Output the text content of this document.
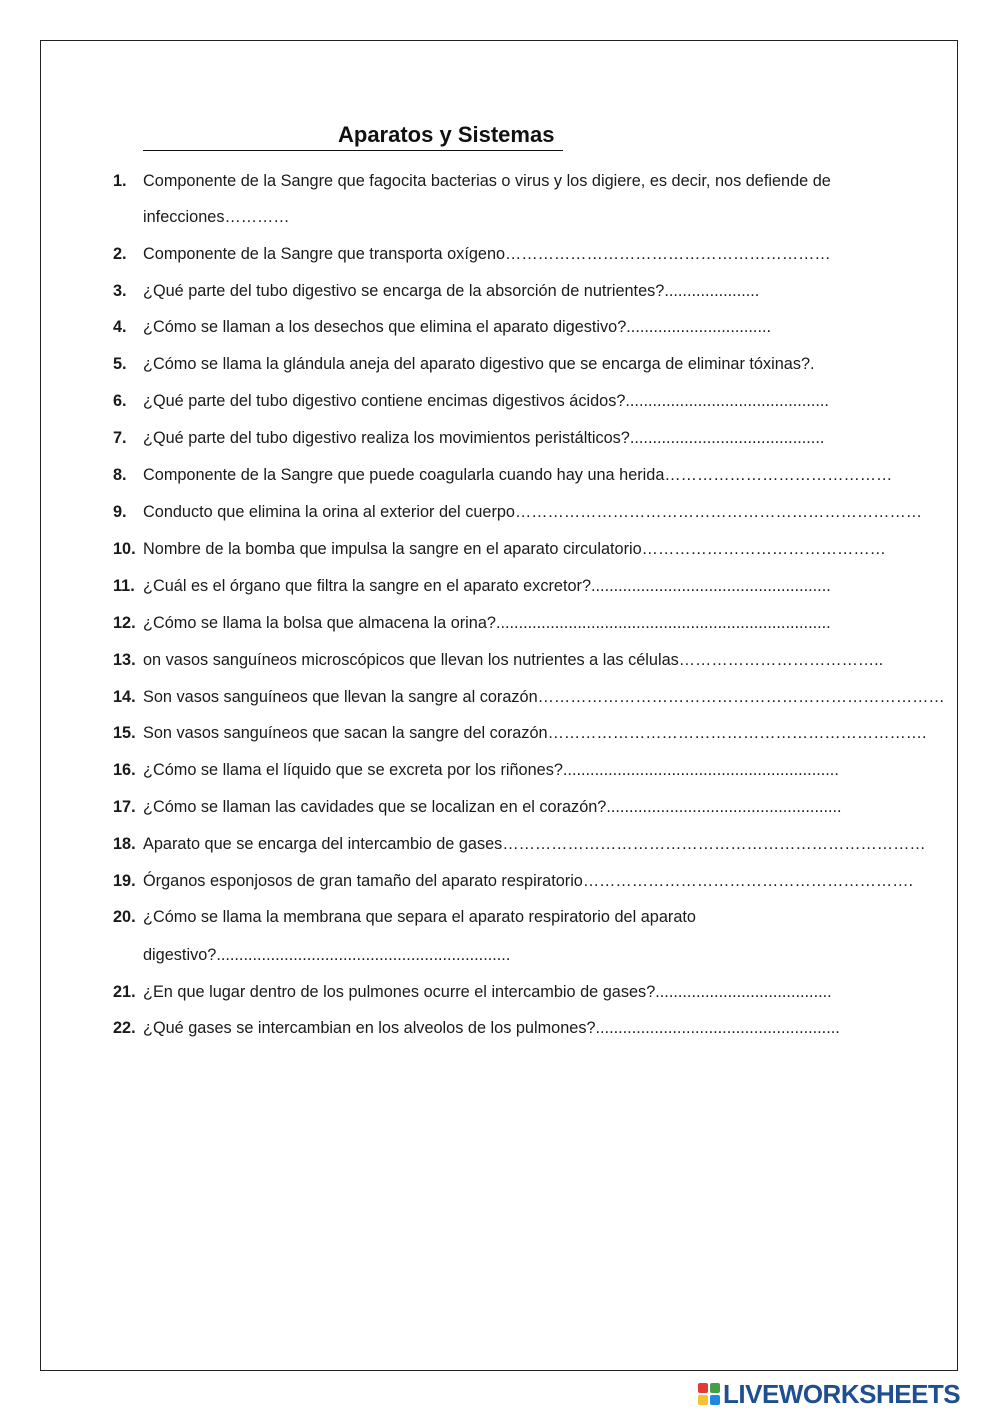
Aparatos y Sistemas
1. Componente de la Sangre que fagocita bacterias o virus y los digiere, es decir, nos defiende de
infecciones…………
2. Componente de la Sangre que transporta oxígeno……………………………………………………
3. ¿Qué parte del tubo digestivo se encarga de la absorción de nutrientes?.....................
4. ¿Cómo se llaman a los desechos que elimina el aparato digestivo?................................
5. ¿Cómo se llama la glándula aneja del aparato digestivo que se encarga de eliminar tóxinas?.
6. ¿Qué parte del tubo digestivo contiene encimas digestivos ácidos?.............................................
7. ¿Qué parte del tubo digestivo realiza los movimientos peristálticos?...........................................
8. Componente de la Sangre que puede coagularla cuando hay una herida……………………………………
9. Conducto que elimina la orina al exterior del cuerpo…………………………………………………………………
10. Nombre de la bomba que impulsa la sangre en el aparato circulatorio………………………………………
11. ¿Cuál es el órgano que filtra la sangre en el aparato excretor?.....................................................
12. ¿Cómo se llama la bolsa que almacena la orina?..........................................................................
13. on vasos sanguíneos microscópicos que llevan los nutrientes a las células………………………………..
14. Son vasos sanguíneos que llevan la sangre al corazón…………………………………………………………………
15. Son vasos sanguíneos que sacan la sangre del corazón…………………………………………………………….
16. ¿Cómo se llama el líquido que se excreta por los riñones?.............................................................
17. ¿Cómo se llaman las cavidades que se localizan en el corazón?....................................................
18. Aparato que se encarga del intercambio de gases……………………………………………………………………
19. Órganos esponjosos de gran tamaño del aparato respiratorio…………………………………………………….
20. ¿Cómo se llama la membrana que separa el aparato respiratorio del aparato
digestivo?.................................................................
21. ¿En que lugar dentro de los pulmones ocurre el intercambio de gases?.......................................
22. ¿Qué gases se intercambian en los alveolos de los pulmones?......................................................
LIVEWORKSHEETS
